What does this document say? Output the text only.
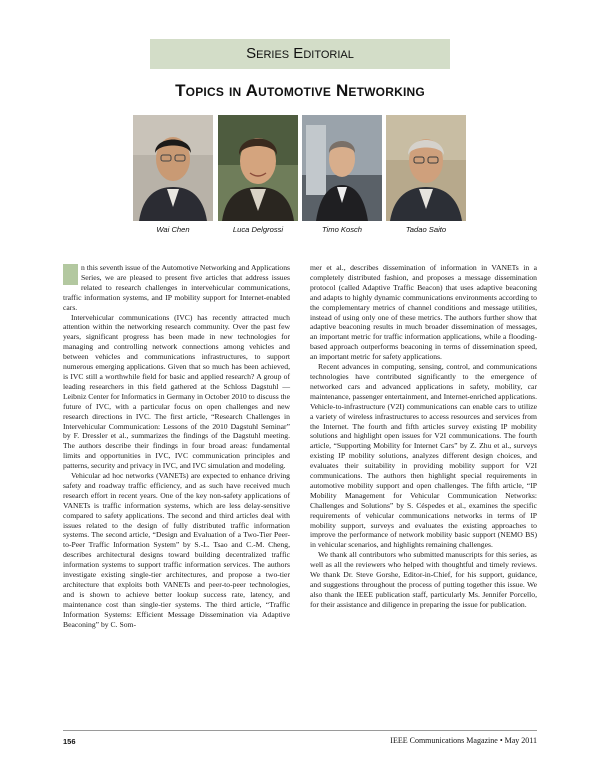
Series Editorial
Topics in Automotive Networking
Wai Chen	Luca Delgrossi	Timo Kosch	Tadao Saito

n this seventh issue of the Automotive Networking and Applications Series, we are pleased to present five articles that address issues related to research challenges in intervehicular communications, traffic information systems, and IP mobility support for Internet-enabled cars.

Intervehicular communications (IVC) has recently attracted much attention within the networking research community. Over the past few years, significant progress has been made in new technologies for managing and controlling network connections among vehicles and between vehicles and communications infrastructures, to support numerous emerging applications. Given that so much has been achieved, is IVC still a worthwhile field for basic and applied research? A group of leading researchers in this field gathered at the Schloss Dagstuhl — Leibniz Center for Informatics in Germany in October 2010 to discuss the future of IVC, with a particular focus on open challenges and new research directions in IVC. The first article, “Research Challenges in Intervehicular Communication: Lessons of the 2010 Dagstuhl Seminar” by F. Dressler et al., summarizes the findings of the Dagstuhl meeting. The authors describe their findings in four broad areas: fundamental limits and opportunities in IVC, IVC communication principles and patterns, security and privacy in IVC, and IVC simulation and modeling.

Vehicular ad hoc networks (VANETs) are expected to enhance driving safety and roadway traffic efficiency, and as such have received much research effort in recent years. One of the key non-safety applications of VANETs is traffic information systems, which are less delay-sensitive compared to safety applications. The second and third articles deal with issues related to the design of fully distributed traffic information systems. The second article, “Design and Evaluation of a Two-Tier Peer-to-Peer Traffic Information System” by S.-L. Tsao and C.-M. Cheng, describes architectural designs toward building decentralized traffic information systems to support traffic information services. The authors investigate existing single-tier architectures, and propose a two-tier architecture that exploits both VANETs and peer-to-peer technologies, and is shown to achieve better lookup success rate, latency, and maintenance cost than single-tier systems. The third article, “Traffic Information Systems: Efficient Message Dissemination via Adaptive Beaconing” by C. Som-

mer et al., describes dissemination of information in VANETs in a completely distributed fashion, and proposes a message dissemination protocol (called Adaptive Traffic Beacon) that uses adaptive beaconing and adapts to highly dynamic communications environments according to the complementary metrics of channel conditions and message utilities, instead of using only one of these metrics. The authors further show that adaptive beaconing results in much broader dissemination of messages, an important metric for traffic information applications, while a flooding-based approach outperforms beaconing in terms of dissemination speed, an important metric for safety applications.

Recent advances in computing, sensing, control, and communications technologies have contributed significantly to the emergence of networked cars and advanced applications in safety, mobility, car maintenance, passenger entertainment, and Internet-enriched applications. Vehicle-to-infrastructure (V2I) communications can enable cars to utilize a variety of wireless infrastructures to access resources and services from the Internet. The fourth and fifth articles survey existing IP mobility solutions and highlight open issues for V2I communications. The fourth article, “Supporting Mobility for Internet Cars” by Z. Zhu et al., surveys existing IP mobility solutions, analyzes different design choices, and evaluates their suitability in providing mobility support for V2I communications. The authors then highlight special requirements in automotive mobility support and open challenges. The fifth article, “IP Mobility Management for Vehicular Communication Networks: Challenges and Solutions” by S. Céspedes et al., examines the specific requirements of vehicular communications networks in terms of IP mobility support, surveys and evaluates the existing approaches to improve the performance of network mobility basic support (NEMO BS) in vehicular scenarios, and highlights remaining challenges.

We thank all contributors who submitted manuscripts for this series, as well as all the reviewers who helped with thoughtful and timely reviews. We thank Dr. Steve Gorshe, Editor-in-Chief, for his support, guidance, and suggestions throughout the process of putting together this issue. We also thank the IEEE publication staff, particularly Ms. Jennifer Porcello, for their assistance and diligence in preparing the issue for publication.

156	IEEE Communications Magazine • May 2011
